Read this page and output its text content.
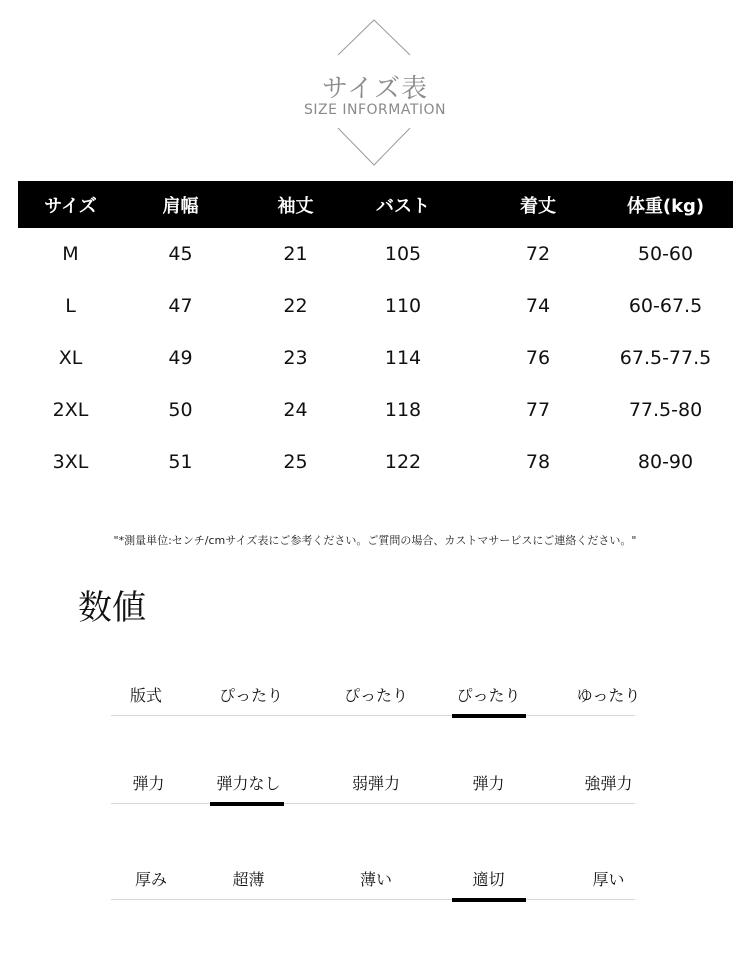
サイズ表
SIZE INFORMATION
サイズ	肩幅	袖丈	バスト	着丈	体重(kg)
M	45	21	105	72	50-60
L	47	22	110	74	60-67.5
XL	49	23	114	76	67.5-77.5
2XL	50	24	118	77	77.5-80
3XL	51	25	122	78	80-90
"*測量単位:センチ/cmサイズ表にご参考ください。ご質問の場合、カストマサービスにご連絡ください。"
数値
版式	ぴったり	ぴったり	ぴったり	ゆったり
弾力	弾力なし	弱弾力	弾力	強弾力
厚み	超薄	薄い	適切	厚い
